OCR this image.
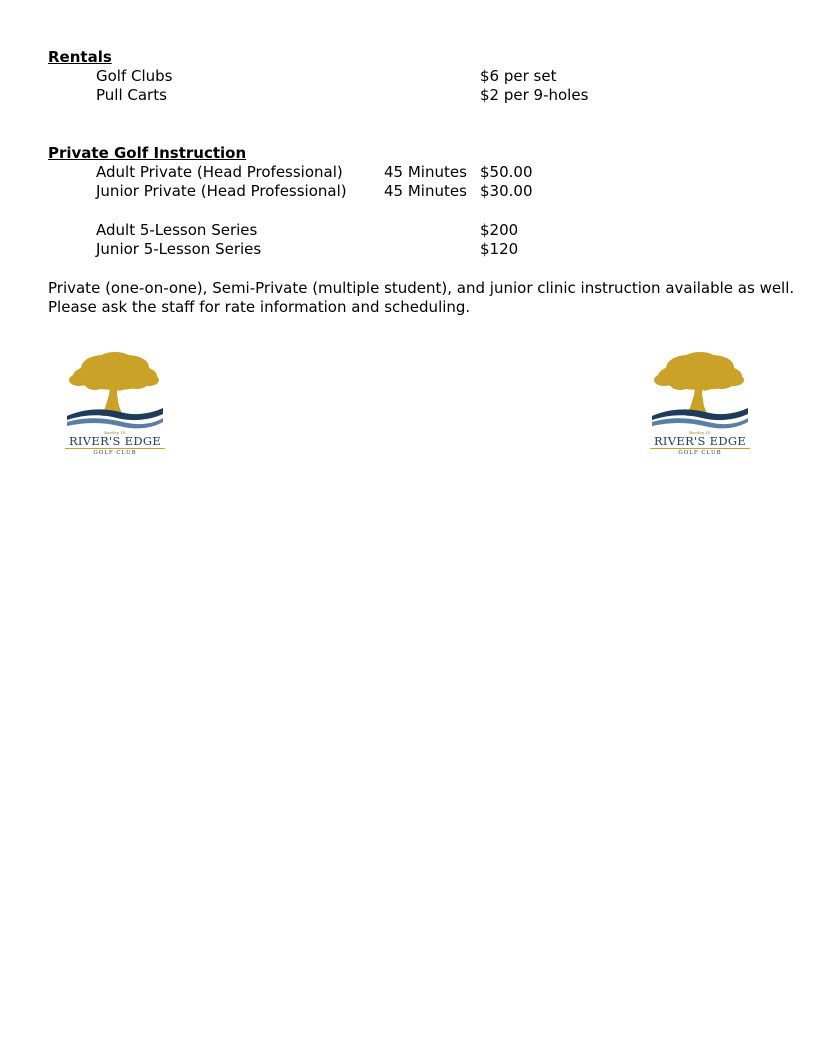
Rentals
Golf Clubs	$6 per set
Pull Carts	$2 per 9-holes
Private Golf Instruction
Adult Private (Head Professional)	45 Minutes $50.00
Junior Private (Head Professional) 45 Minutes $30.00
Adult 5-Lesson Series	$200
Junior 5-Lesson Series	$120
Private (one-on-one), Semi-Private (multiple student), and junior clinic instruction available as well.
Please ask the staff for rate information and scheduling.
Bartley, IN
RIVER'S EDGE
GOLF CLUB
Bartley, IN
RIVER'S EDGE
GOLF CLUB
